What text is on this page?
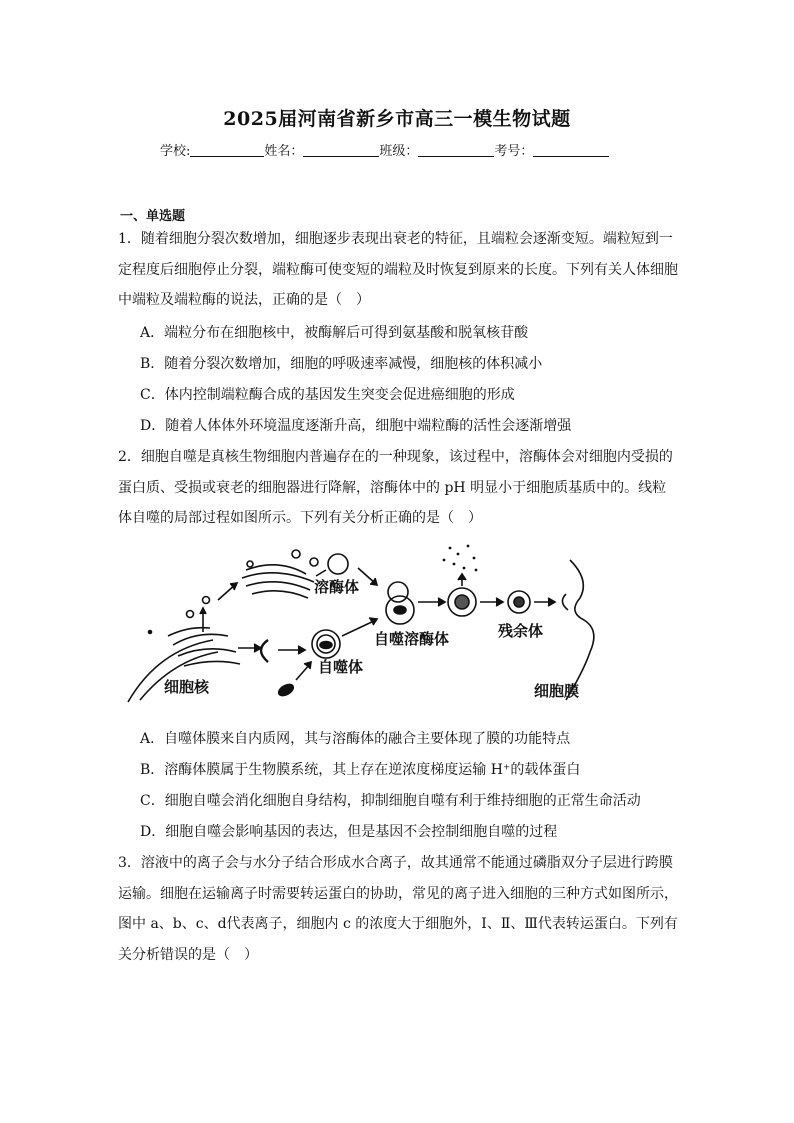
2025届河南省新乡市高三一模生物试题
学校:	姓名：	班级：	考号：
一、单选题
1．随着细胞分裂次数增加，细胞逐步表现出衰老的特征，且端粒会逐渐变短。端粒短到一定程度后细胞停止分裂，端粒酶可使变短的端粒及时恢复到原来的长度。下列有关人体细胞中端粒及端粒酶的说法，正确的是（　）
A．端粒分布在细胞核中，被酶解后可得到氨基酸和脱氧核苷酸
B．随着分裂次数增加，细胞的呼吸速率减慢，细胞核的体积减小
C．体内控制端粒酶合成的基因发生突变会促进癌细胞的形成
D．随着人体体外环境温度逐渐升高，细胞中端粒酶的活性会逐渐增强
2．细胞自噬是真核生物细胞内普遍存在的一种现象，该过程中，溶酶体会对细胞内受损的蛋白质、受损或衰老的细胞器进行降解，溶酶体中的 pH 明显小于细胞质基质中的。线粒体自噬的局部过程如图所示。下列有关分析正确的是（　）
溶酶体
自噬溶酶体	残余体
细胞核
自噬体
细胞膜
A．自噬体膜来自内质网，其与溶酶体的融合主要体现了膜的功能特点
B．溶酶体膜属于生物膜系统，其上存在逆浓度梯度运输 H⁺的载体蛋白
C．细胞自噬会消化细胞自身结构，抑制细胞自噬有利于维持细胞的正常生命活动
D．细胞自噬会影响基因的表达，但是基因不会控制细胞自噬的过程
3．溶液中的离子会与水分子结合形成水合离子，故其通常不能通过磷脂双分子层进行跨膜运输。细胞在运输离子时需要转运蛋白的协助，常见的离子进入细胞的三种方式如图所示，图中 a、b、c、d代表离子，细胞内 c 的浓度大于细胞外，Ⅰ、Ⅱ、Ⅲ代表转运蛋白。下列有关分析错误的是（　）
